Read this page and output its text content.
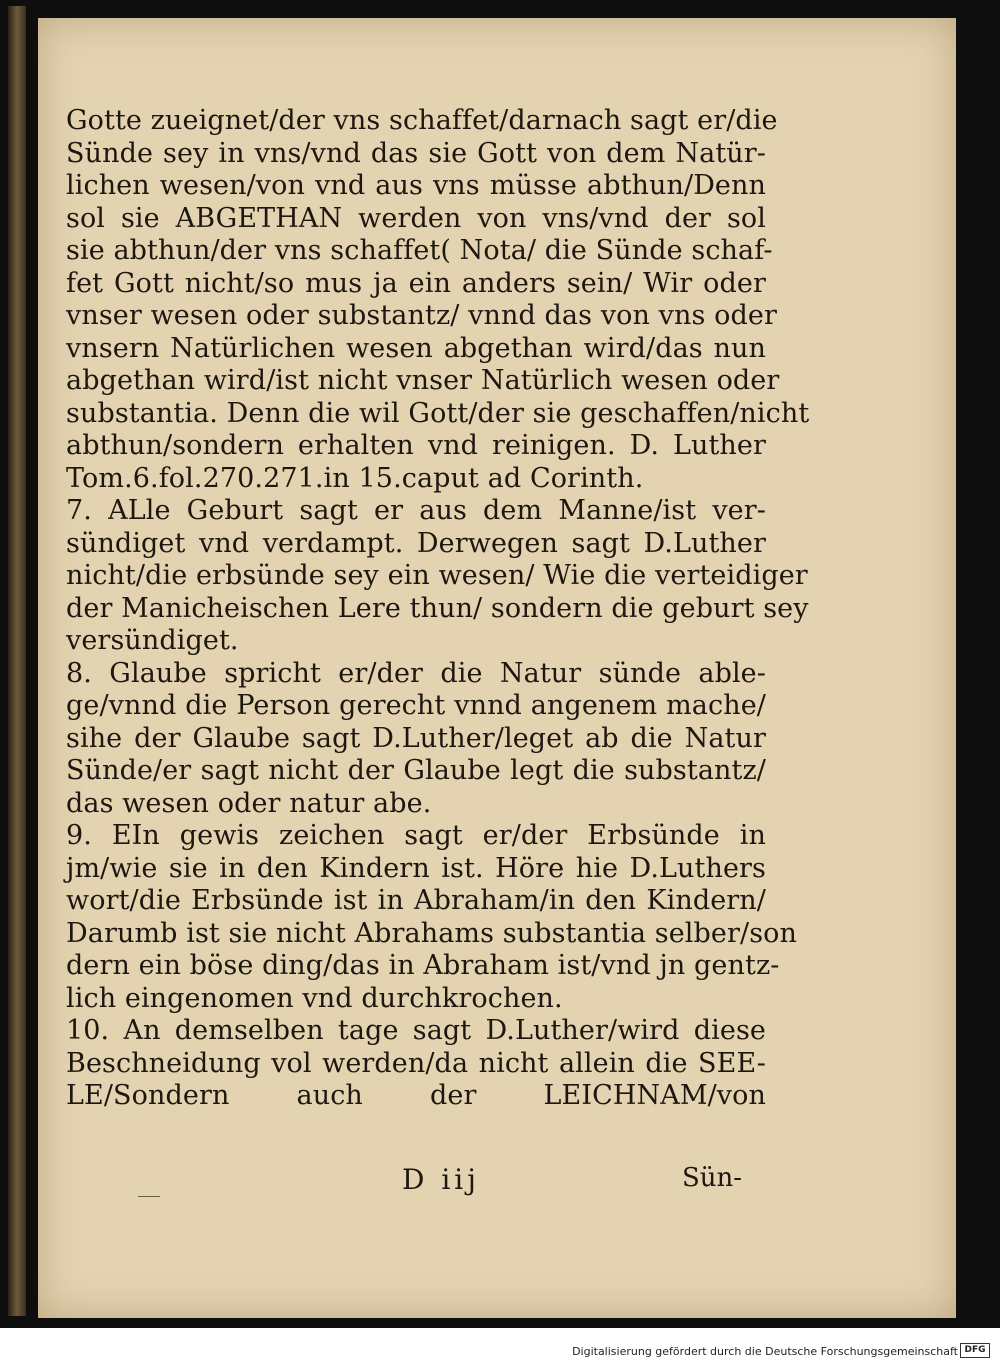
Gotte zueignet/der vns schaffet/darnach sagt er/die
Sünde sey in vns/vnd das sie Gott von dem Natür-
lichen wesen/von vnd aus vns müsse abthun/Denn
sol sie ABGETHAN werden von vns/vnd der sol
sie abthun/der vns schaffet( Nota/ die Sünde schaf-
fet Gott nicht/so mus ja ein anders sein/ Wir oder
vnser wesen oder substantz/ vnnd das von vns oder
vnsern Natürlichen wesen abgethan wird/das nun
abgethan wird/ist nicht vnser Natürlich wesen oder
substantia. Denn die wil Gott/der sie geschaffen/nicht
abthun/sondern erhalten vnd reinigen. D. Luther
Tom.6.fol.270.271.in 15.caput ad Corinth.
7. ALle Geburt sagt er aus dem Manne/ist ver-
sündiget vnd verdampt. Derwegen sagt D.Luther
nicht/die erbsünde sey ein wesen/ Wie die verteidiger
der Manicheischen Lere thun/ sondern die geburt sey
versündiget.
8. Glaube spricht er/der die Natur sünde able-
ge/vnnd die Person gerecht vnnd angenem mache/
sihe der Glaube sagt D.Luther/leget ab die Natur
Sünde/er sagt nicht der Glaube legt die substantz/
das wesen oder natur abe.
9. EIn gewis zeichen sagt er/der Erbsünde in
jm/wie sie in den Kindern ist. Höre hie D.Luthers
wort/die Erbsünde ist in Abraham/in den Kindern/
Darumb ist sie nicht Abrahams substantia selber/son
dern ein böse ding/das in Abraham ist/vnd jn gentz-
lich eingenomen vnd durchkrochen.
10. An demselben tage sagt D.Luther/wird diese
Beschneidung vol werden/da nicht allein die SEE-
LE/Sondern auch der LEICHNAM/von
D iij	Sün-
Digitalisierung gefördert durch die Deutsche Forschungsgemeinschaft DFG
